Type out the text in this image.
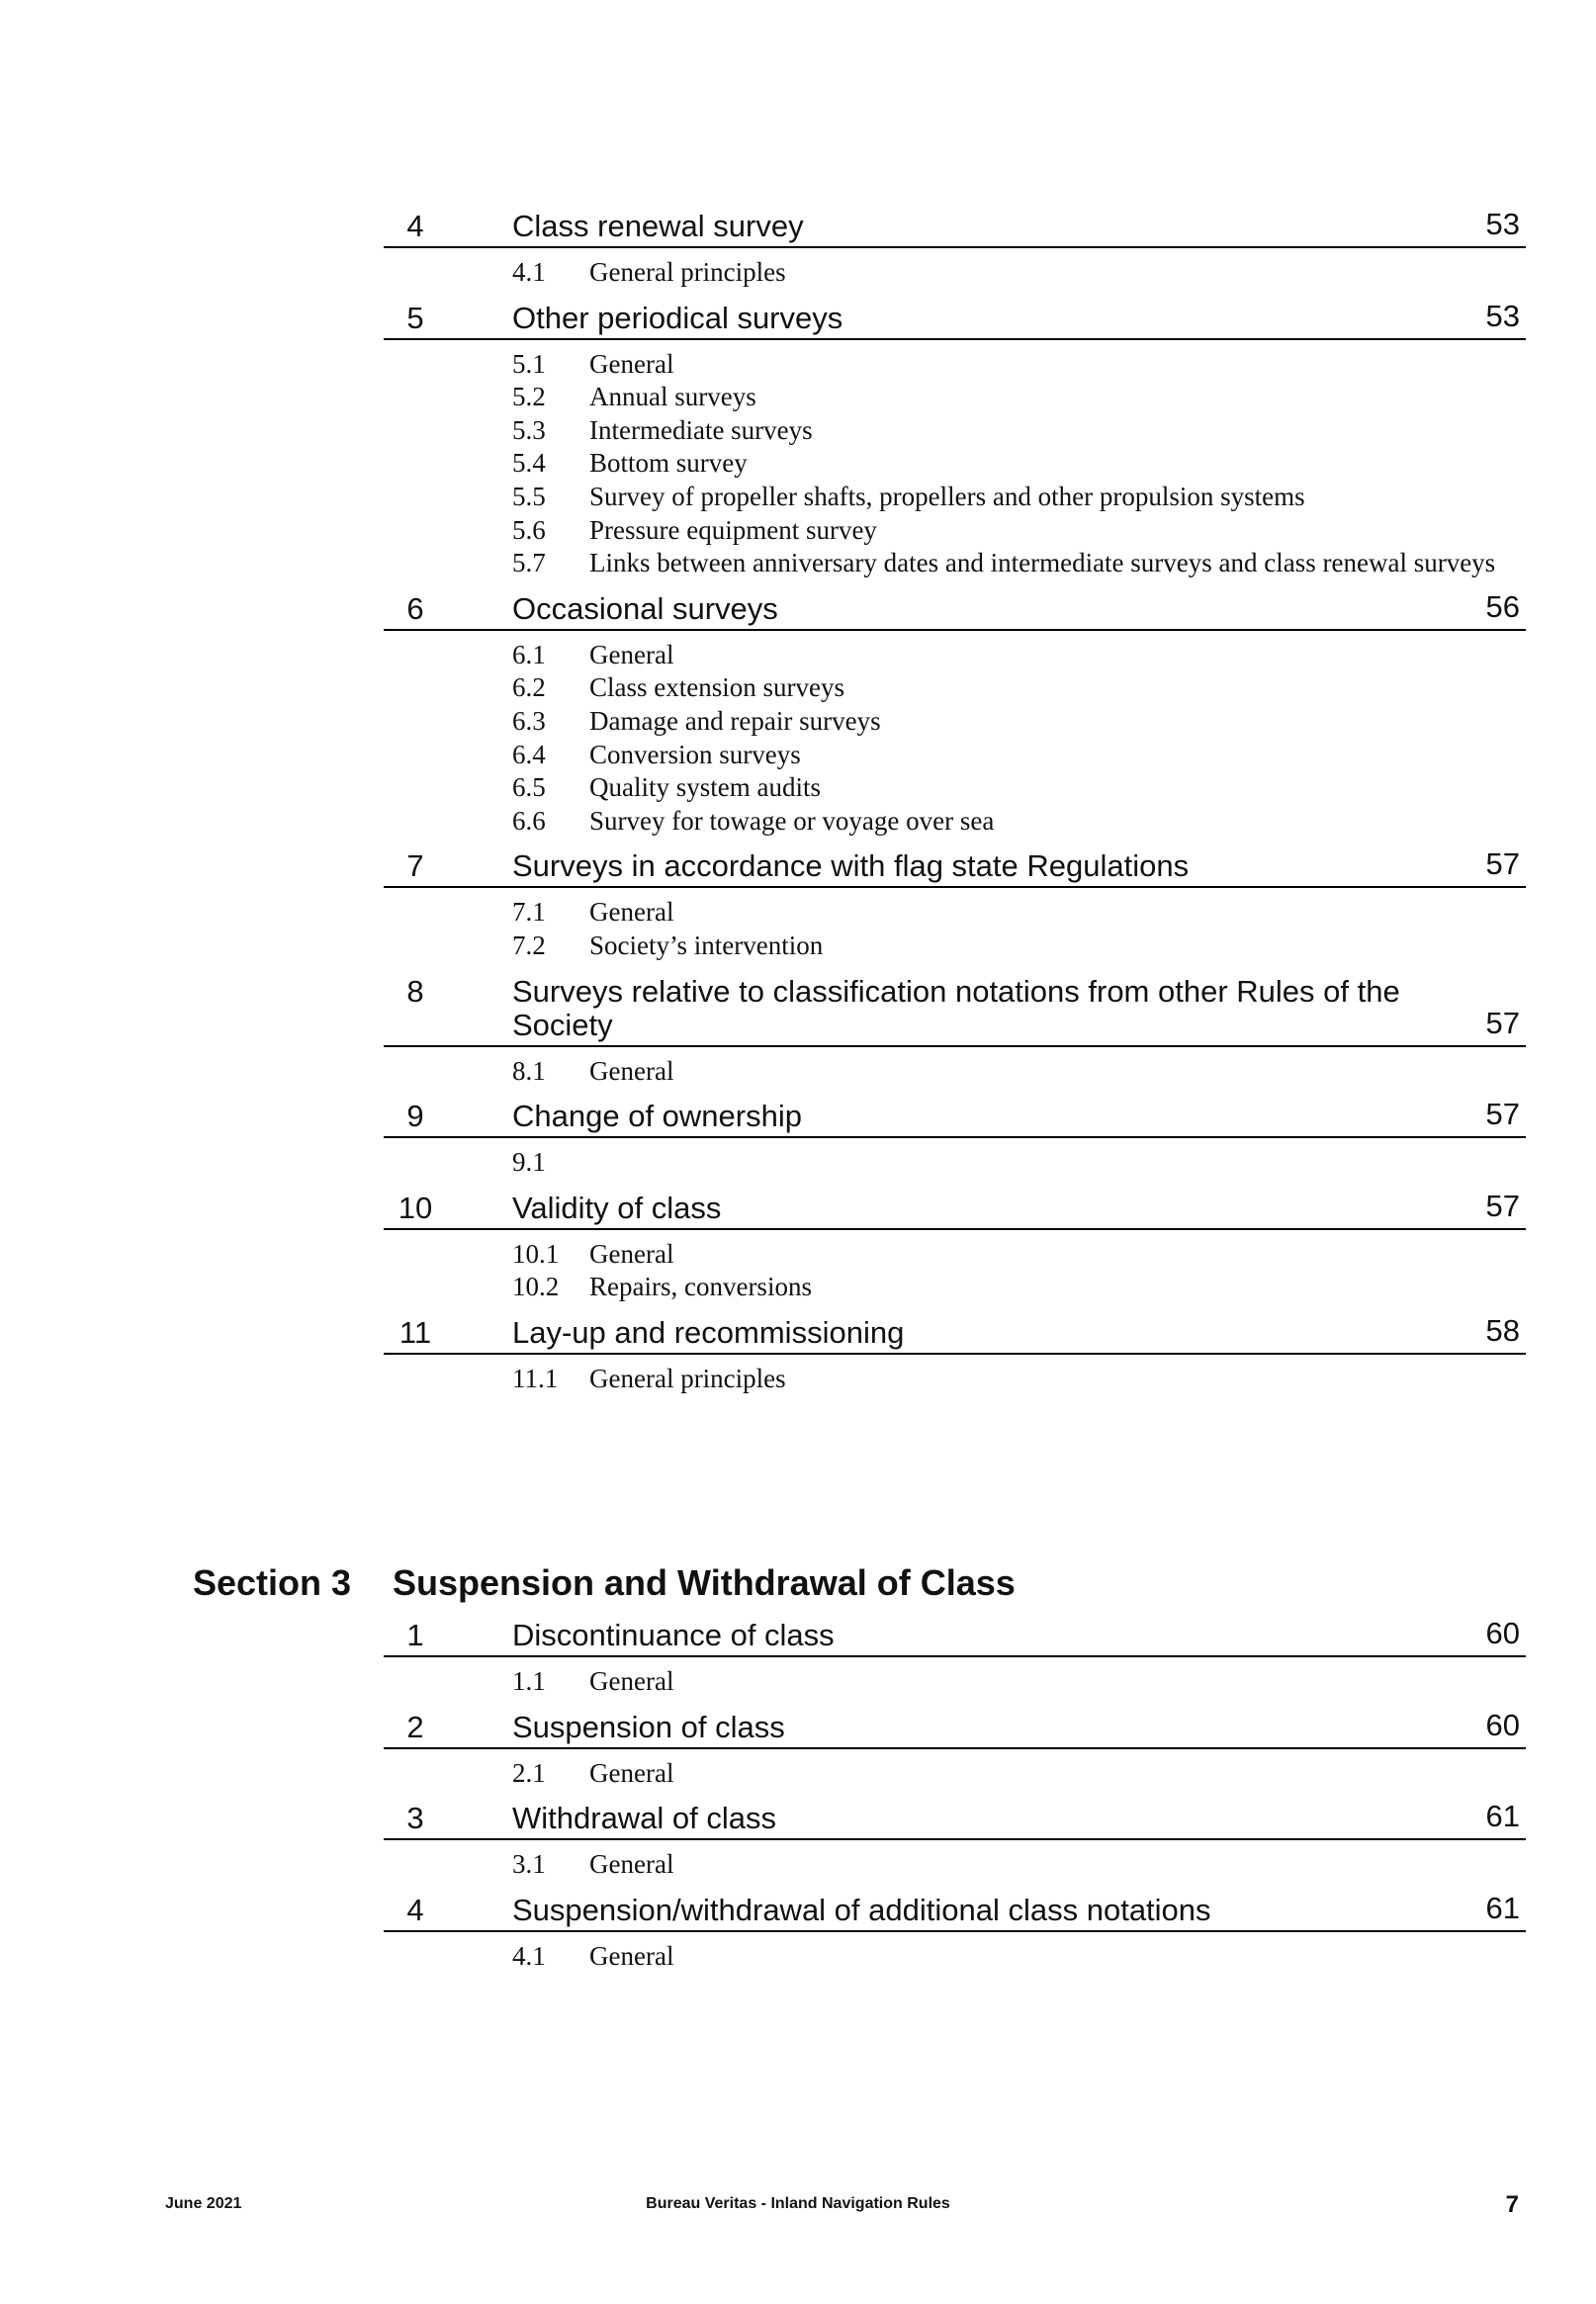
4	Class renewal survey	53
4.1 General principles
5	Other periodical surveys	53
5.1 General
5.2 Annual surveys
5.3 Intermediate surveys
5.4 Bottom survey
5.5 Survey of propeller shafts, propellers and other propulsion systems
5.6 Pressure equipment survey
5.7 Links between anniversary dates and intermediate surveys and class renewal surveys
6	Occasional surveys	56
6.1 General
6.2 Class extension surveys
6.3 Damage and repair surveys
6.4 Conversion surveys
6.5 Quality system audits
6.6 Survey for towage or voyage over sea
7	Surveys in accordance with flag state Regulations	57
7.1 General
7.2 Society’s intervention
8	Surveys relative to classification notations from other Rules of the Society	57
8.1 General
9	Change of ownership	57
9.1

10	Validity of class	57
10.1 General
10.2 Repairs, conversions
11	Lay-up and recommissioning	58
11.1 General principles
Section 3 Suspension and Withdrawal of Class
1	Discontinuance of class	60
1.1 General
2	Suspension of class	60
2.1 General
3	Withdrawal of class	61
3.1 General
4	Suspension/withdrawal of additional class notations	61
4.1 General
June 2021	Bureau Veritas - Inland Navigation Rules	7
